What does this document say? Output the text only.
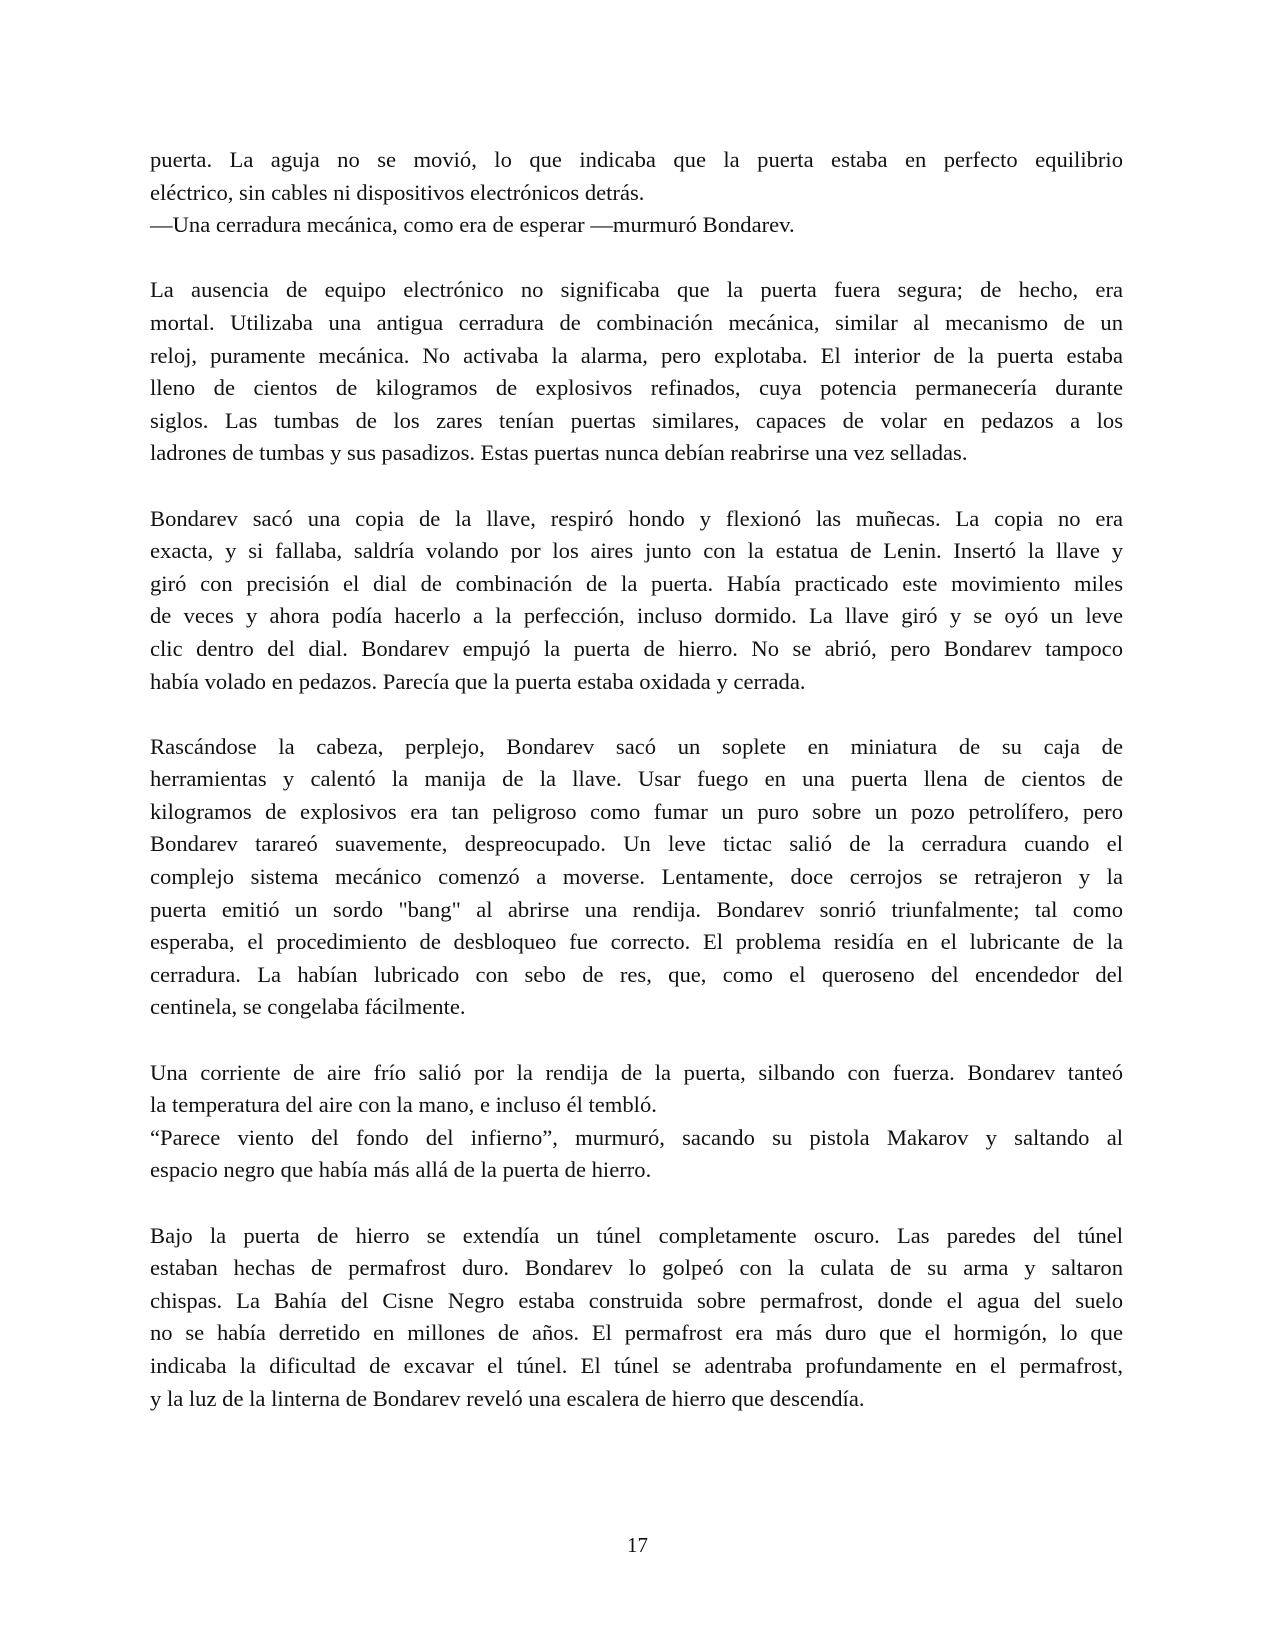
puerta. La aguja no se movió, lo que indicaba que la puerta estaba en perfecto equilibrio
eléctrico, sin cables ni dispositivos electrónicos detrás.
—Una cerradura mecánica, como era de esperar —murmuró Bondarev.
La ausencia de equipo electrónico no significaba que la puerta fuera segura; de hecho, era
mortal. Utilizaba una antigua cerradura de combinación mecánica, similar al mecanismo de un
reloj, puramente mecánica. No activaba la alarma, pero explotaba. El interior de la puerta estaba
lleno de cientos de kilogramos de explosivos refinados, cuya potencia permanecería durante
siglos. Las tumbas de los zares tenían puertas similares, capaces de volar en pedazos a los
ladrones de tumbas y sus pasadizos. Estas puertas nunca debían reabrirse una vez selladas.
Bondarev sacó una copia de la llave, respiró hondo y flexionó las muñecas. La copia no era
exacta, y si fallaba, saldría volando por los aires junto con la estatua de Lenin. Insertó la llave y
giró con precisión el dial de combinación de la puerta. Había practicado este movimiento miles
de veces y ahora podía hacerlo a la perfección, incluso dormido. La llave giró y se oyó un leve
clic dentro del dial. Bondarev empujó la puerta de hierro. No se abrió, pero Bondarev tampoco
había volado en pedazos. Parecía que la puerta estaba oxidada y cerrada.
Rascándose la cabeza, perplejo, Bondarev sacó un soplete en miniatura de su caja de
herramientas y calentó la manija de la llave. Usar fuego en una puerta llena de cientos de
kilogramos de explosivos era tan peligroso como fumar un puro sobre un pozo petrolífero, pero
Bondarev tarareó suavemente, despreocupado. Un leve tictac salió de la cerradura cuando el
complejo sistema mecánico comenzó a moverse. Lentamente, doce cerrojos se retrajeron y la
puerta emitió un sordo "bang" al abrirse una rendija. Bondarev sonrió triunfalmente; tal como
esperaba, el procedimiento de desbloqueo fue correcto. El problema residía en el lubricante de la
cerradura. La habían lubricado con sebo de res, que, como el queroseno del encendedor del
centinela, se congelaba fácilmente.
Una corriente de aire frío salió por la rendija de la puerta, silbando con fuerza. Bondarev tanteó
la temperatura del aire con la mano, e incluso él tembló.
“Parece viento del fondo del infierno”, murmuró, sacando su pistola Makarov y saltando al
espacio negro que había más allá de la puerta de hierro.
Bajo la puerta de hierro se extendía un túnel completamente oscuro. Las paredes del túnel
estaban hechas de permafrost duro. Bondarev lo golpeó con la culata de su arma y saltaron
chispas. La Bahía del Cisne Negro estaba construida sobre permafrost, donde el agua del suelo
no se había derretido en millones de años. El permafrost era más duro que el hormigón, lo que
indicaba la dificultad de excavar el túnel. El túnel se adentraba profundamente en el permafrost,
y la luz de la linterna de Bondarev reveló una escalera de hierro que descendía.
17
